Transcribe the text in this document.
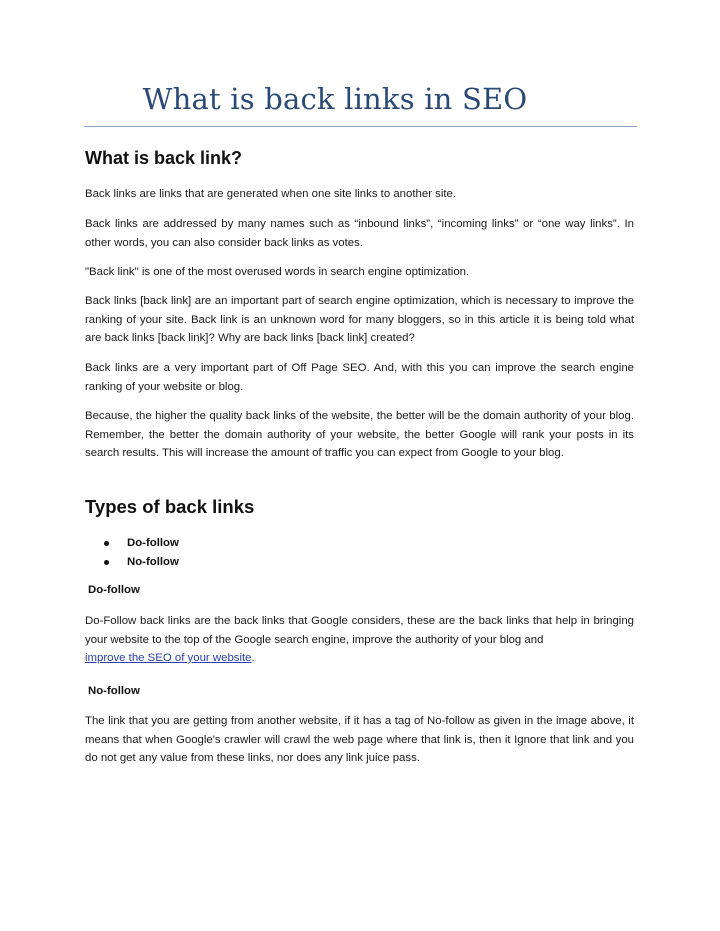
What is back links in SEO
What is back link?
Back links are links that are generated when one site links to another site.
Back links are addressed by many names such as “inbound links”, “incoming links” or “one way links”. In other words, you can also consider back links as votes.
"Back link" is one of the most overused words in search engine optimization.
Back links [back link] are an important part of search engine optimization, which is necessary to improve the ranking of your site. Back link is an unknown word for many bloggers, so in this article it is being told what are back links [back link]? Why are back links [back link] created?
Back links are a very important part of Off Page SEO. And, with this you can improve the search engine ranking of your website or blog.
Because, the higher the quality back links of the website, the better will be the domain authority of your blog. Remember, the better the domain authority of your website, the better Google will rank your posts in its search results. This will increase the amount of traffic you can expect from Google to your blog.
Types of back links
Do-follow
No-follow
Do-follow
Do-Follow back links are the back links that Google considers, these are the back links that help in bringing your website to the top of the Google search engine, improve the authority of your blog and
improve the SEO of your website.
No-follow
The link that you are getting from another website, if it has a tag of No-follow as given in the image above, it means that when Google's crawler will crawl the web page where that link is, then it Ignore that link and you do not get any value from these links, nor does any link juice pass.
